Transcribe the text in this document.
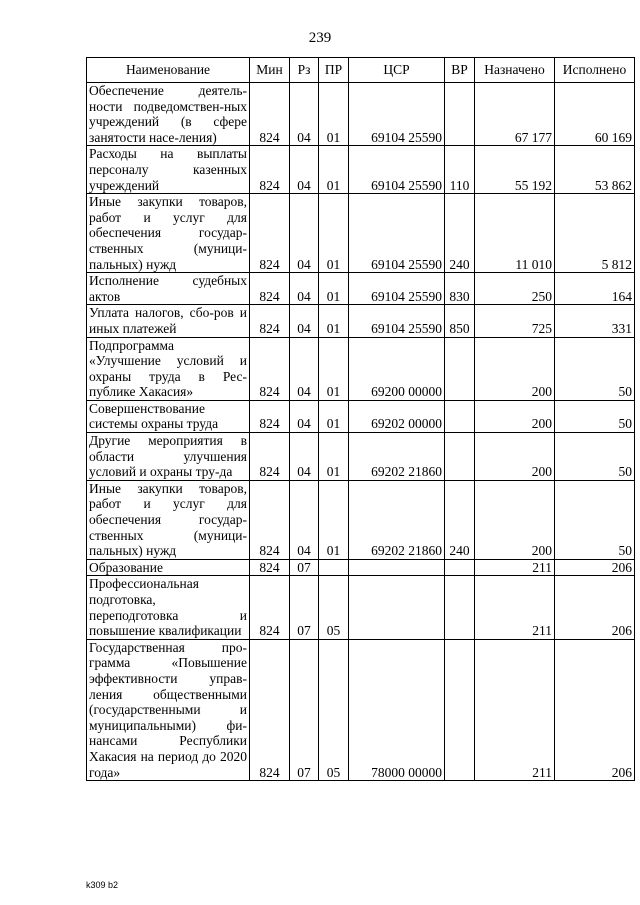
239
Наименование	Мин	Рз	ПР	ЦСР	ВР	Назначено	Исполнено
Обеспечение деятель-ности подведомствен-ных учреждений (в сфере занятости насе-ления)	824	04	01	69104 25590		67 177	60 169
Расходы на выплаты персоналу казенных учреждений	824	04	01	69104 25590	110	55 192	53 862
Иные закупки товаров, работ и услуг для обеспечения государ-ственных (муници-пальных) нужд	824	04	01	69104 25590	240	11 010	5 812
Исполнение судебных актов	824	04	01	69104 25590	830	250	164
Уплата налогов, сбо-ров и иных платежей	824	04	01	69104 25590	850	725	331
Подпрограмма «Улучшение условий и охраны труда в Рес-публике Хакасия»	824	04	01	69200 00000		200	50
Совершенствование системы охраны труда	824	04	01	69202 00000		200	50
Другие мероприятия в области улучшения условий и охраны тру-да	824	04	01	69202 21860		200	50
Иные закупки товаров, работ и услуг для обеспечения государ-ственных (муници-пальных) нужд	824	04	01	69202 21860	240	200	50
Образование	824	07				211	206
Профессиональная подготовка, переподготовка и повышение квалификации	824	07	05			211	206
Государственная про-грамма «Повышение эффективности управ-ления общественными (государственными и муниципальными) фи-нансами Республики Хакасия на период до 2020 года»	824	07	05	78000 00000		211	206
k309 b2
